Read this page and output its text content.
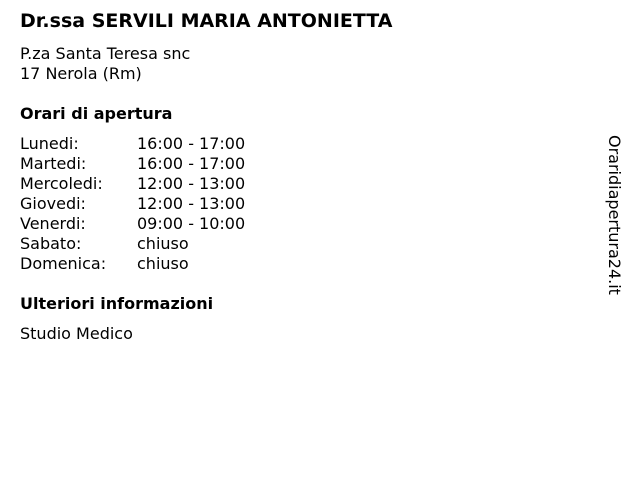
Dr.ssa SERVILI MARIA ANTONIETTA
P.za Santa Teresa snc
17 Nerola (Rm)
Orari di apertura
Lunedi:	16:00 - 17:00
Martedi:	16:00 - 17:00
Mercoledi:	12:00 - 13:00
Giovedi:	12:00 - 13:00
Venerdi:	09:00 - 10:00
Sabato:	chiuso
Domenica:	chiuso
Ulteriori informazioni
Studio Medico
Oraridiapertura24.it
